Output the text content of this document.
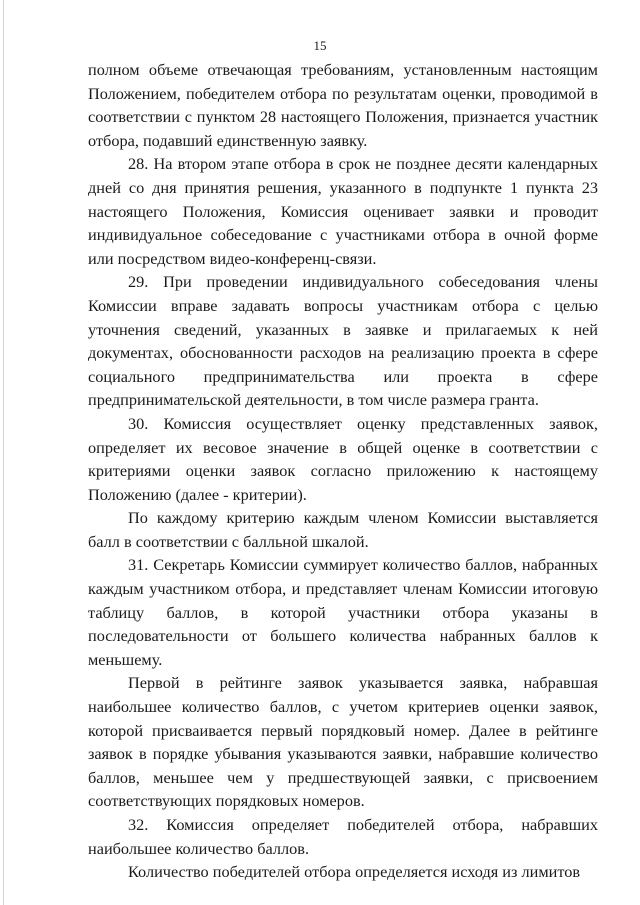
15

полном объеме отвечающая требованиям, установленным настоящим Положением, победителем отбора по результатам оценки, проводимой в соответствии с пунктом 28 настоящего Положения, признается участник отбора, подавший единственную заявку.

28. На втором этапе отбора в срок не позднее десяти календарных дней со дня принятия решения, указанного в подпункте 1 пункта 23 настоящего Положения, Комиссия оценивает заявки и проводит индивидуальное собеседование с участниками отбора в очной форме или посредством видео-конференц-связи.

29. При проведении индивидуального собеседования члены Комиссии вправе задавать вопросы участникам отбора с целью уточнения сведений, указанных в заявке и прилагаемых к ней документах, обоснованности расходов на реализацию проекта в сфере социального предпринимательства или проекта в сфере предпринимательской деятельности, в том числе размера гранта.

30. Комиссия осуществляет оценку представленных заявок, определяет их весовое значение в общей оценке в соответствии с критериями оценки заявок согласно приложению к настоящему Положению (далее - критерии).

По каждому критерию каждым членом Комиссии выставляется балл в соответствии с балльной шкалой.

31. Секретарь Комиссии суммирует количество баллов, набранных каждым участником отбора, и представляет членам Комиссии итоговую таблицу баллов, в которой участники отбора указаны в последовательности от большего количества набранных баллов к меньшему.

Первой в рейтинге заявок указывается заявка, набравшая наибольшее количество баллов, с учетом критериев оценки заявок, которой присваивается первый порядковый номер. Далее в рейтинге заявок в порядке убывания указываются заявки, набравшие количество баллов, меньшее чем у предшествующей заявки, с присвоением соответствующих порядковых номеров.

32. Комиссия определяет победителей отбора, набравших наибольшее количество баллов.

Количество победителей отбора определяется исходя из лимитов
